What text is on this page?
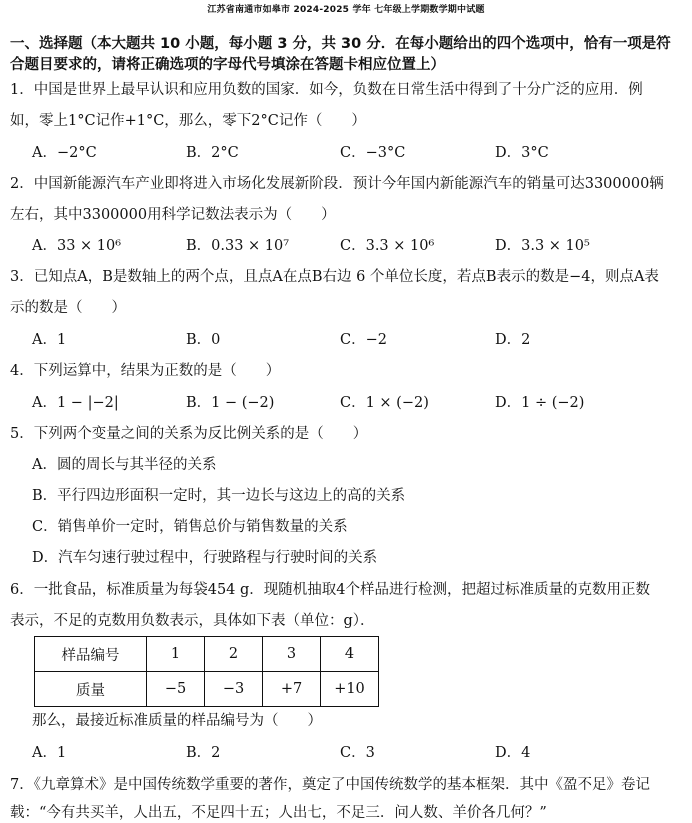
江苏省南通市如皋市 2024-2025 学年 七年级上学期数学期中试题
一、选择题（本大题共 10 小题，每小题 3 分，共 30 分．在每小题给出的四个选项中，恰有一项是符合题目要求的，请将正确选项的字母代号填涂在答题卡相应位置上）
1．中国是世界上最早认识和应用负数的国家．如今，负数在日常生活中得到了十分广泛的应用．例
如，零上1°C记作+1°C，那么，零下2°C记作（　　）
A．−2°C	B．2°C	C．−3°C	D．3°C
2．中国新能源汽车产业即将进入市场化发展新阶段．预计今年国内新能源汽车的销量可达3300000辆
左右，其中3300000用科学记数法表示为（　　）
A．33 × 10⁶	B．0.33 × 10⁷	C．3.3 × 10⁶	D．3.3 × 10⁵
3．已知点A，B是数轴上的两个点，且点A在点B右边 6 个单位长度，若点B表示的数是−4，则点A表
示的数是（　　）
A．1	B．0	C．−2	D．2
4．下列运算中，结果为正数的是（　　）
A．1 − |−2|	B．1 − (−2)	C．1 × (−2)	D．1 ÷ (−2)
5．下列两个变量之间的关系为反比例关系的是（　　）
A．圆的周长与其半径的关系
B．平行四边形面积一定时，其一边长与这边上的高的关系
C．销售单价一定时，销售总价与销售数量的关系
D．汽车匀速行驶过程中，行驶路程与行驶时间的关系
6．一批食品，标准质量为每袋454 g．现随机抽取4个样品进行检测，把超过标准质量的克数用正数
表示，不足的克数用负数表示，具体如下表（单位：g）．
样品编号	1	2	3	4
质量	−5	−3	+7	+10
那么，最接近标准质量的样品编号为（　　）
A．1	B．2	C．3	D．4
7．《九章算术》是中国传统数学重要的著作，奠定了中国传统数学的基本框架．其中《盈不足》卷记
载：“今有共买羊，人出五，不足四十五；人出七，不足三．问人数、羊价各几何？”
